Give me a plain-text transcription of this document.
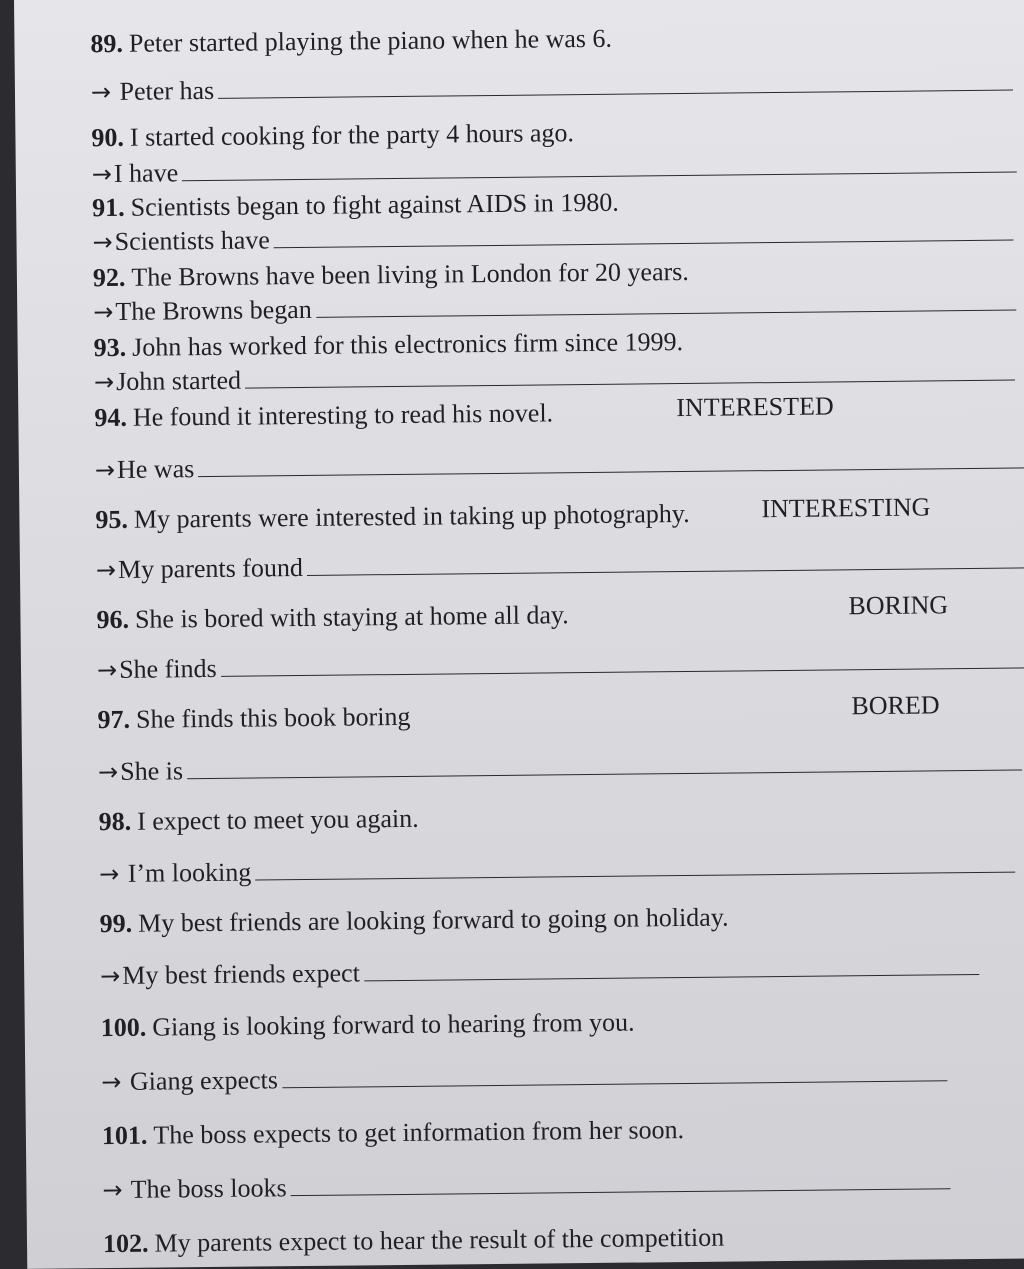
89. Peter started playing the piano when he was 6.
→ Peter has
90. I started cooking for the party 4 hours ago.
→I have
91. Scientists began to fight against AIDS in 1980.
→Scientists have
92. The Browns have been living in London for 20 years.
→The Browns began
93. John has worked for this electronics firm since 1999.
→John started
94. He found it interesting to read his novel.	INTERESTED
→He was
95. My parents were interested in taking up photography.	INTERESTING
→My parents found
96. She is bored with staying at home all day.	BORING
→She finds
97. She finds this book boring	BORED
→She is
98. I expect to meet you again.
→ I’m looking
99. My best friends are looking forward to going on holiday.
→My best friends expect
100. Giang is looking forward to hearing from you.
→ Giang expects
101. The boss expects to get information from her soon.
→ The boss looks
102. My parents expect to hear the result of the competition
